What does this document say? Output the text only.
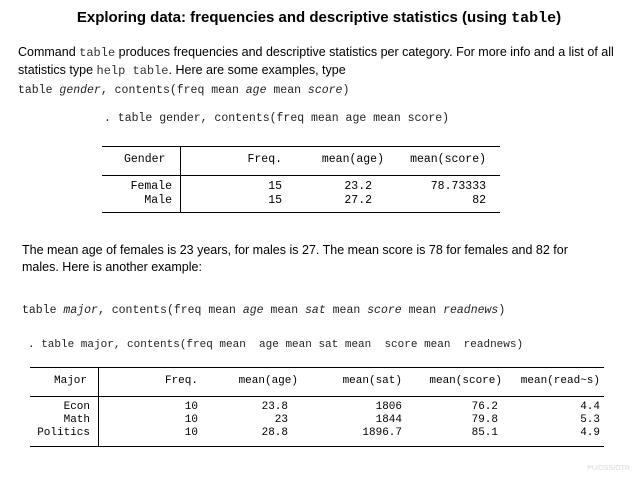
Exploring data: frequencies and descriptive statistics (using table)
Command table produces frequencies and descriptive statistics per category. For more info and a list of all statistics type help table. Here are some examples, type
table gender, contents(freq mean age mean score)
. table gender, contents(freq mean age mean score)
Gender	Freq.	mean(age)	mean(score)
Female	15	23.2	78.73333
Male	15	27.2	82
The mean age of females is 23 years, for males is 27. The mean score is 78 for females and 82 for males. Here is another example:
table major, contents(freq mean age mean sat mean score mean readnews)
. table major, contents(freq mean  age mean sat mean  score mean  readnews)
Major	Freq.	mean(age)	mean(sat)	mean(score)	mean(read~s)
Econ	10	23.8	1806	76.2	4.4
Math	10	23	1844	79.8	5.3
Politics	10	28.8	1896.7	85.1	4.9
PU/DSS/OTR
